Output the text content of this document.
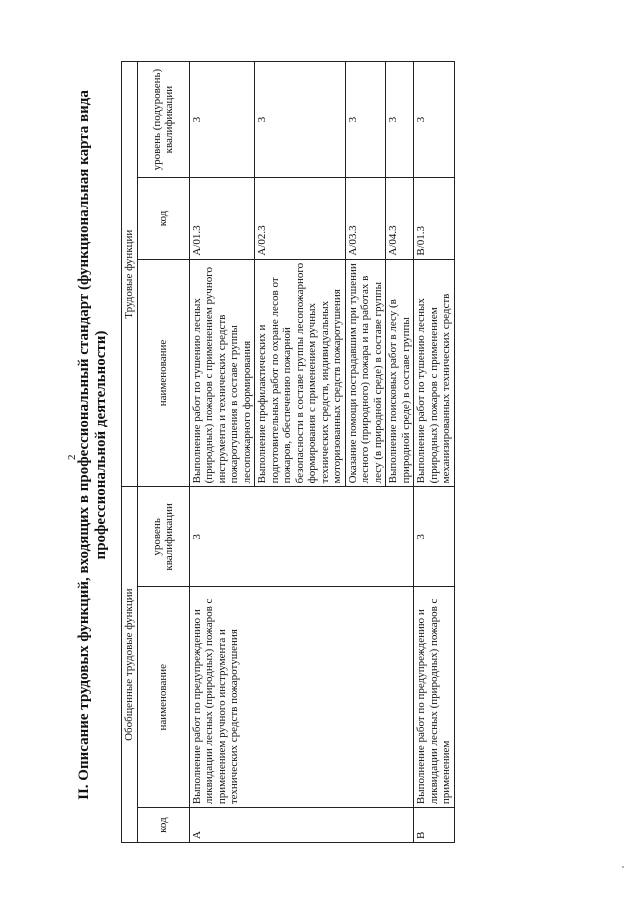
2
II. Описание трудовых функций, входящих в профессиональный стандарт (функциональная карта вида профессиональной деятельности)
Обобщенные трудовые функции			Трудовые функции		
код	наименование	уровень квалификации	наименование	код	уровень (подуровень) квалификации
А	Выполнение работ по предупреждению и ликвидации лесных (природных) пожаров с применением ручного инструмента и технических средств пожаротушения	3	Выполнение работ по тушению лесных (природных) пожаров с применением ручного инструмента и технических средств пожаротушения в составе группы лесопожарного формирования	A/01.3	3
			Выполнение профилактических и подготовительных работ по охране лесов от пожаров, обеспечению пожарной безопасности в составе группы лесопожарного формирования с применением ручных технических средств, индивидуальных моторизованных средств пожаротушения	A/02.3	3
			Оказание помощи пострадавшим при тушении лесного (природного) пожара и на работах в лесу (в природной среде) в составе группы	A/03.3	3
			Выполнение поисковых работ в лесу (в природной среде) в составе группы	A/04.3	3
В	Выполнение работ по предупреждению и ликвидации лесных (природных) пожаров с применением	3	Выполнение работ по тушению лесных (природных) пожаров с применением механизированных технических средств	B/01.3	3
